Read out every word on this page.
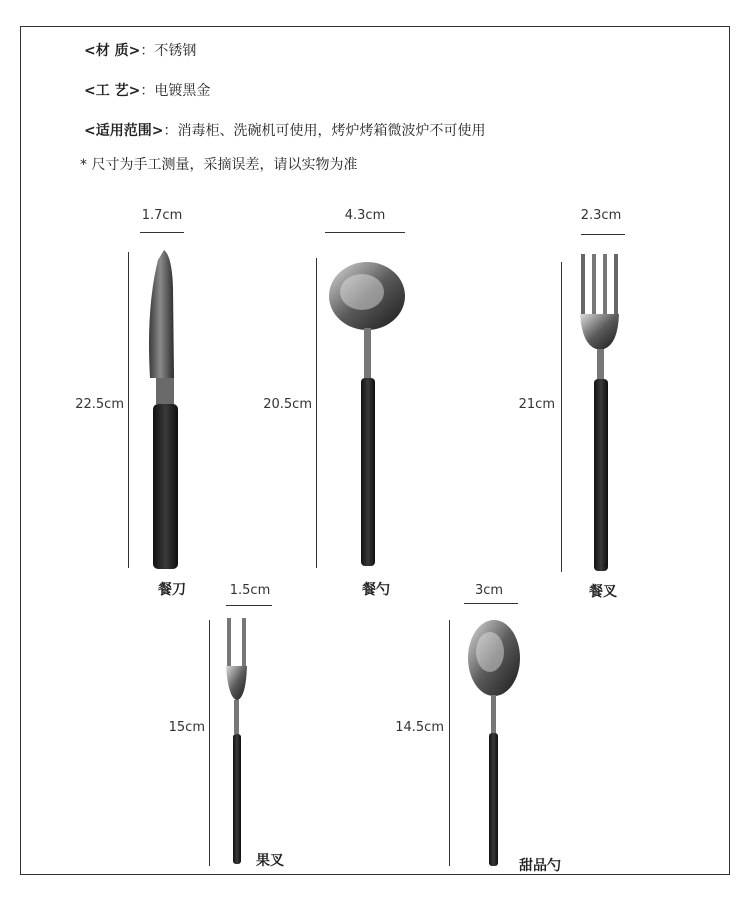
<材 质>：不锈钢
<工 艺>：电镀黑金
<适用范围>：消毒柜、洗碗机可使用，烤炉烤箱微波炉不可使用
* 尺寸为手工测量，采摘误差，请以实物为准
1.7cm
22.5cm
餐刀
4.3cm
20.5cm
餐勺
2.3cm
21cm
餐叉
1.5cm
15cm
果叉
3cm
14.5cm
甜品勺
